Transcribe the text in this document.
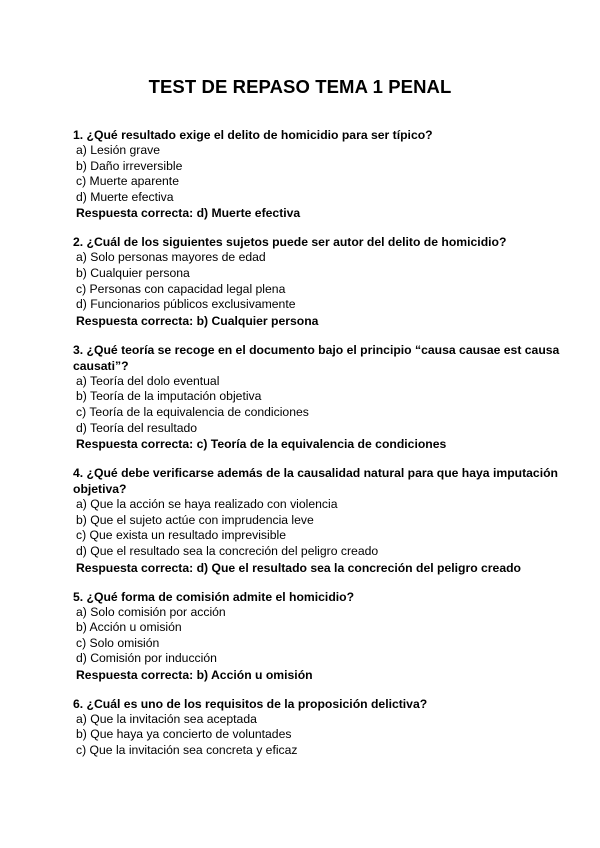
TEST DE REPASO TEMA 1 PENAL

1. ¿Qué resultado exige el delito de homicidio para ser típico?

a) Lesión grave

b) Daño irreversible

c) Muerte aparente

d) Muerte efectiva

Respuesta correcta: d) Muerte efectiva

2. ¿Cuál de los siguientes sujetos puede ser autor del delito de homicidio?

a) Solo personas mayores de edad

b) Cualquier persona

c) Personas con capacidad legal plena

d) Funcionarios públicos exclusivamente

Respuesta correcta: b) Cualquier persona

3. ¿Qué teoría se recoge en el documento bajo el principio “causa causae est causa causati”?

a) Teoría del dolo eventual

b) Teoría de la imputación objetiva

c) Teoría de la equivalencia de condiciones

d) Teoría del resultado

Respuesta correcta: c) Teoría de la equivalencia de condiciones

4. ¿Qué debe verificarse además de la causalidad natural para que haya imputación objetiva?

a) Que la acción se haya realizado con violencia

b) Que el sujeto actúe con imprudencia leve

c) Que exista un resultado imprevisible

d) Que el resultado sea la concreción del peligro creado

Respuesta correcta: d) Que el resultado sea la concreción del peligro creado

5. ¿Qué forma de comisión admite el homicidio?

a) Solo comisión por acción

b) Acción u omisión

c) Solo omisión

d) Comisión por inducción

Respuesta correcta: b) Acción u omisión

6. ¿Cuál es uno de los requisitos de la proposición delictiva?

a) Que la invitación sea aceptada

b) Que haya ya concierto de voluntades

c) Que la invitación sea concreta y eficaz
